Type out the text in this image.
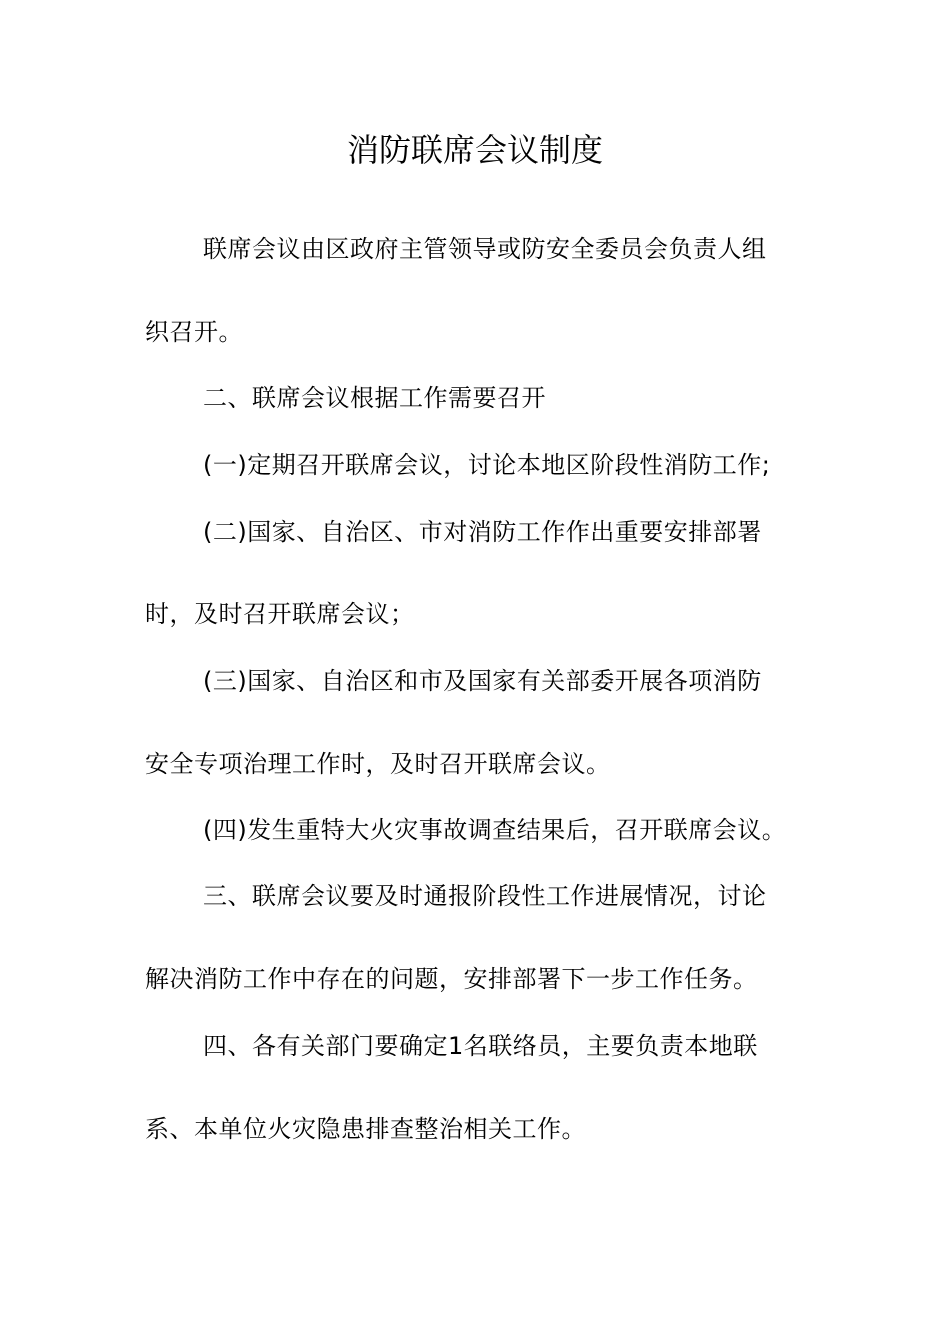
消防联席会议制度
联席会议由区政府主管领导或防安全委员会负责人组
织召开。
二、联席会议根据工作需要召开
(一)定期召开联席会议，讨论本地区阶段性消防工作;
(二)国家、自治区、市对消防工作作出重要安排部署
时，及时召开联席会议；
(三)国家、自治区和市及国家有关部委开展各项消防
安全专项治理工作时，及时召开联席会议。
(四)发生重特大火灾事故调查结果后，召开联席会议。
三、联席会议要及时通报阶段性工作进展情况，讨论
解决消防工作中存在的问题，安排部署下一步工作任务。
四、各有关部门要确定1名联络员，主要负责本地联
系、本单位火灾隐患排查整治相关工作。
